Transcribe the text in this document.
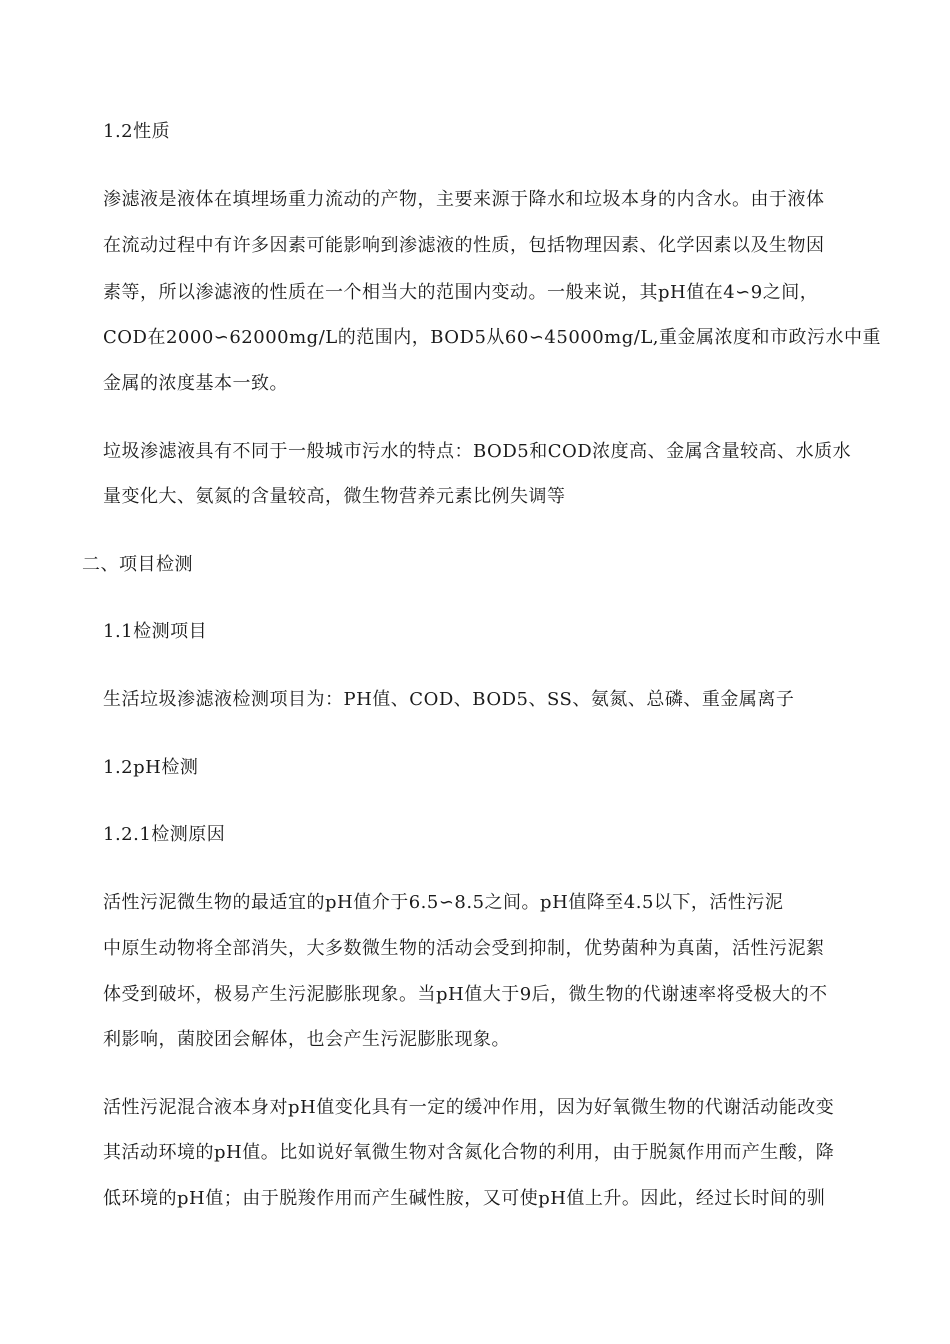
1.2性质
渗滤液是液体在填埋场重力流动的产物，主要来源于降水和垃圾本身的内含水。由于液体
在流动过程中有许多因素可能影响到渗滤液的性质，包括物理因素、化学因素以及生物因
素等，所以渗滤液的性质在一个相当大的范围内变动。一般来说，其pH值在4∽9之间，
COD在2000∽62000mg/L的范围内，BOD5从60∽45000mg/L,重金属浓度和市政污水中重
金属的浓度基本一致。
垃圾渗滤液具有不同于一般城市污水的特点：BOD5和COD浓度高、金属含量较高、水质水
量变化大、氨氮的含量较高，微生物营养元素比例失调等
二、项目检测
1.1检测项目
生活垃圾渗滤液检测项目为：PH值、COD、BOD5、SS、氨氮、总磷、重金属离子
1.2pH检测
1.2.1检测原因
活性污泥微生物的最适宜的pH值介于6.5∽8.5之间。pH值降至4.5以下，活性污泥
中原生动物将全部消失，大多数微生物的活动会受到抑制，优势菌种为真菌，活性污泥絮
体受到破坏，极易产生污泥膨胀现象。当pH值大于9后，微生物的代谢速率将受极大的不
利影响，菌胶团会解体，也会产生污泥膨胀现象。
活性污泥混合液本身对pH值变化具有一定的缓冲作用，因为好氧微生物的代谢活动能改变
其活动环境的pH值。比如说好氧微生物对含氮化合物的利用，由于脱氮作用而产生酸，降
低环境的pH值；由于脱羧作用而产生碱性胺，又可使pH值上升。因此，经过长时间的驯
